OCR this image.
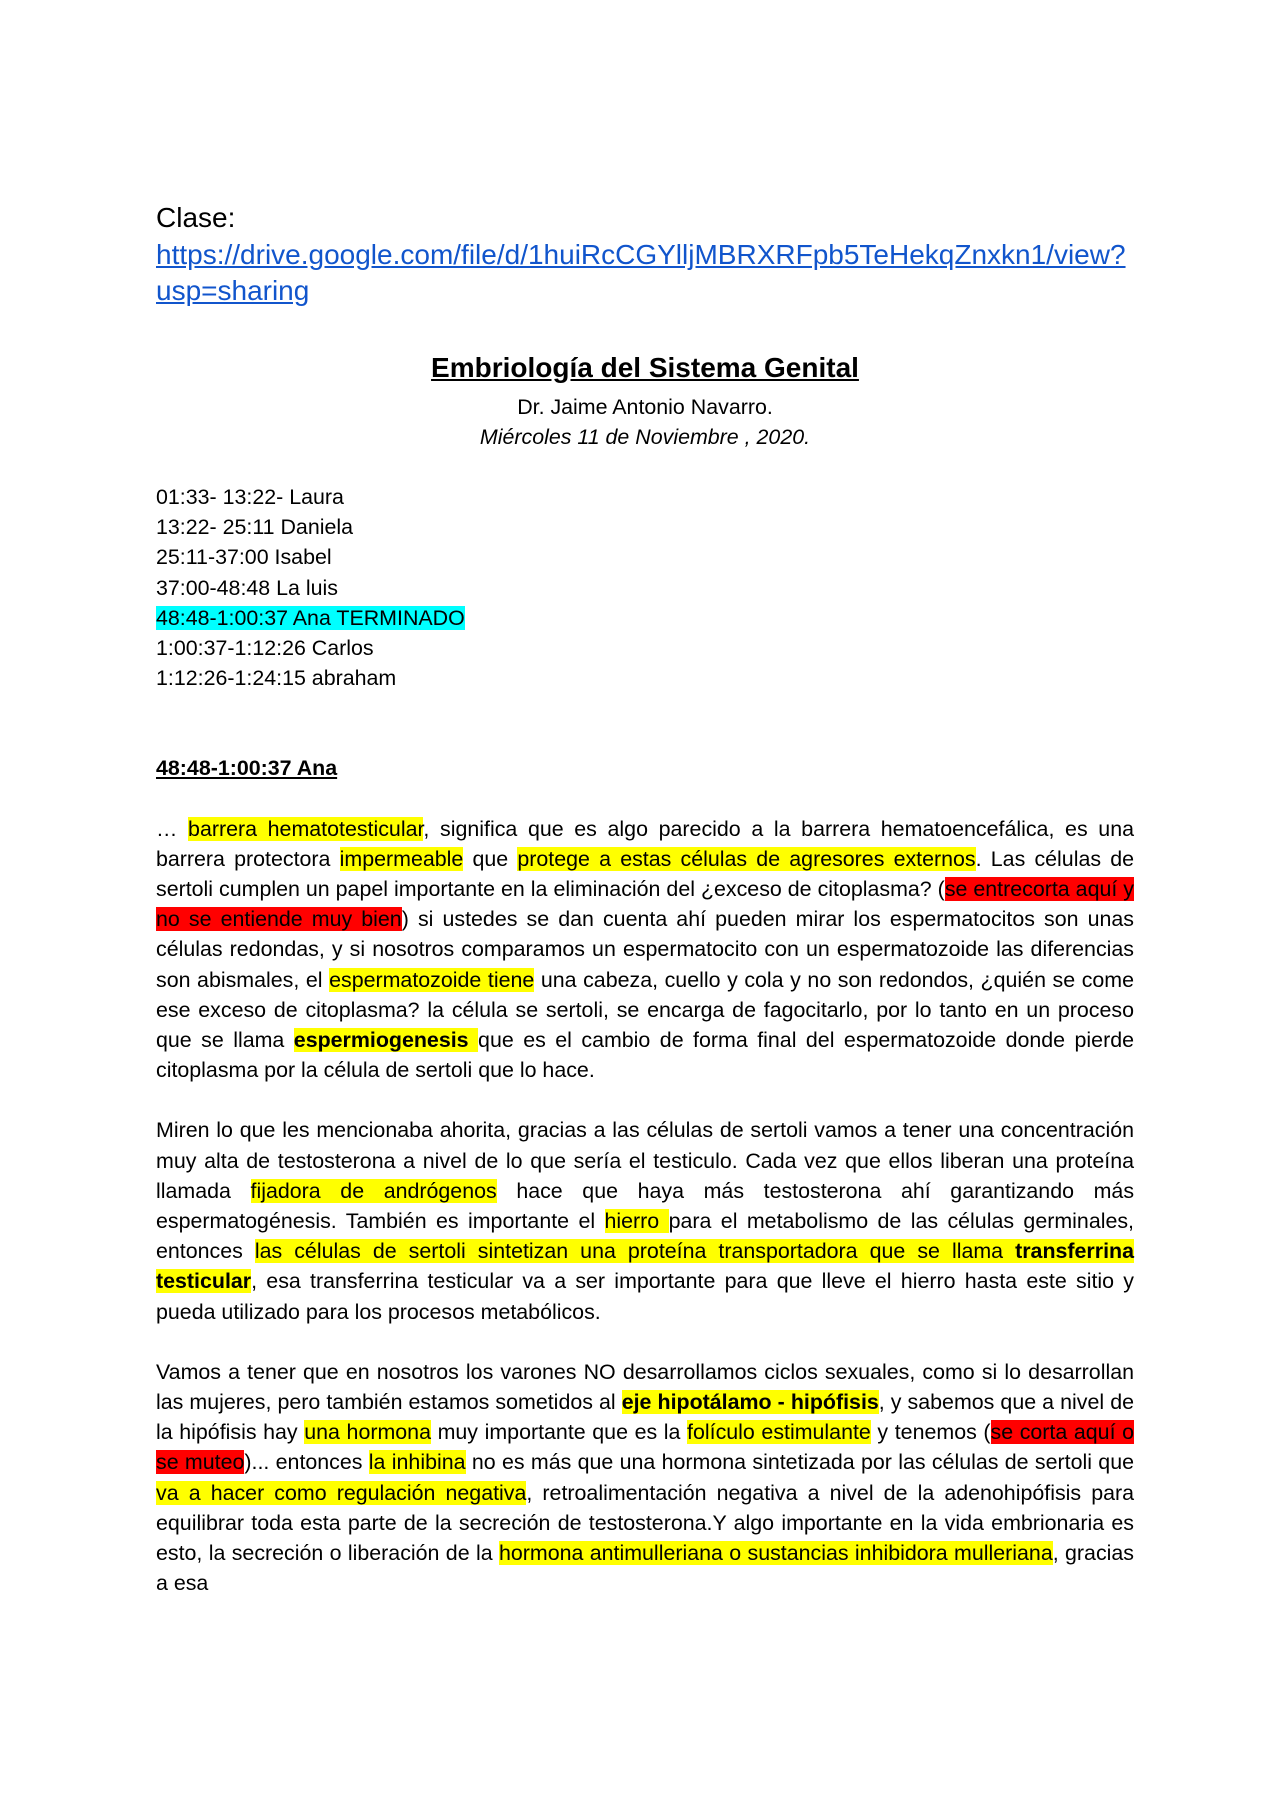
Clase:
https://drive.google.com/file/d/1huiRcCGYlljMBRXRFpb5TeHekqZnxkn1/view?usp=sharing
Embriología del Sistema Genital
Dr. Jaime Antonio Navarro.
Miércoles 11 de Noviembre , 2020.
01:33- 13:22- Laura
13:22- 25:11 Daniela
25:11-37:00 Isabel
37:00-48:48 La luis
48:48-1:00:37 Ana TERMINADO
1:00:37-1:12:26 Carlos
1:12:26-1:24:15 abraham
48:48-1:00:37 Ana

… barrera hematotesticular, significa que es algo parecido a la barrera hematoencefálica, es una barrera protectora impermeable que protege a estas células de agresores externos. Las células de sertoli cumplen un papel importante en la eliminación del ¿exceso de citoplasma? (se entrecorta aquí y no se entiende muy bien) si ustedes se dan cuenta ahí pueden mirar los espermatocitos son unas células redondas, y si nosotros comparamos un espermatocito con un espermatozoide las diferencias son abismales, el espermatozoide tiene una cabeza, cuello y cola y no son redondos, ¿quién se come ese exceso de citoplasma? la célula se sertoli, se encarga de fagocitarlo, por lo tanto en un proceso que se llama espermiogenesis que es el cambio de forma final del espermatozoide donde pierde citoplasma por la célula de sertoli que lo hace.

Miren lo que les mencionaba ahorita, gracias a las células de sertoli vamos a tener una concentración muy alta de testosterona a nivel de lo que sería el testiculo. Cada vez que ellos liberan una proteína llamada fijadora de andrógenos hace que haya más testosterona ahí garantizando más espermatogénesis. También es importante el hierro para el metabolismo de las células germinales, entonces las células de sertoli sintetizan una proteína transportadora que se llama transferrina testicular, esa transferrina testicular va a ser importante para que lleve el hierro hasta este sitio y pueda utilizado para los procesos metabólicos.

Vamos a tener que en nosotros los varones NO desarrollamos ciclos sexuales, como si lo desarrollan las mujeres, pero también estamos sometidos al eje hipotálamo - hipófisis, y sabemos que a nivel de la hipófisis hay una hormona muy importante que es la folículo estimulante y tenemos (se corta aquí o se muteo)... entonces la inhibina no es más que una hormona sintetizada por las células de sertoli que va a hacer como regulación negativa, retroalimentación negativa a nivel de la adenohipófisis para equilibrar toda esta parte de la secreción de testosterona.Y algo importante en la vida embrionaria es esto, la secreción o liberación de la hormona antimulleriana o sustancias inhibidora mulleriana, gracias a esa
